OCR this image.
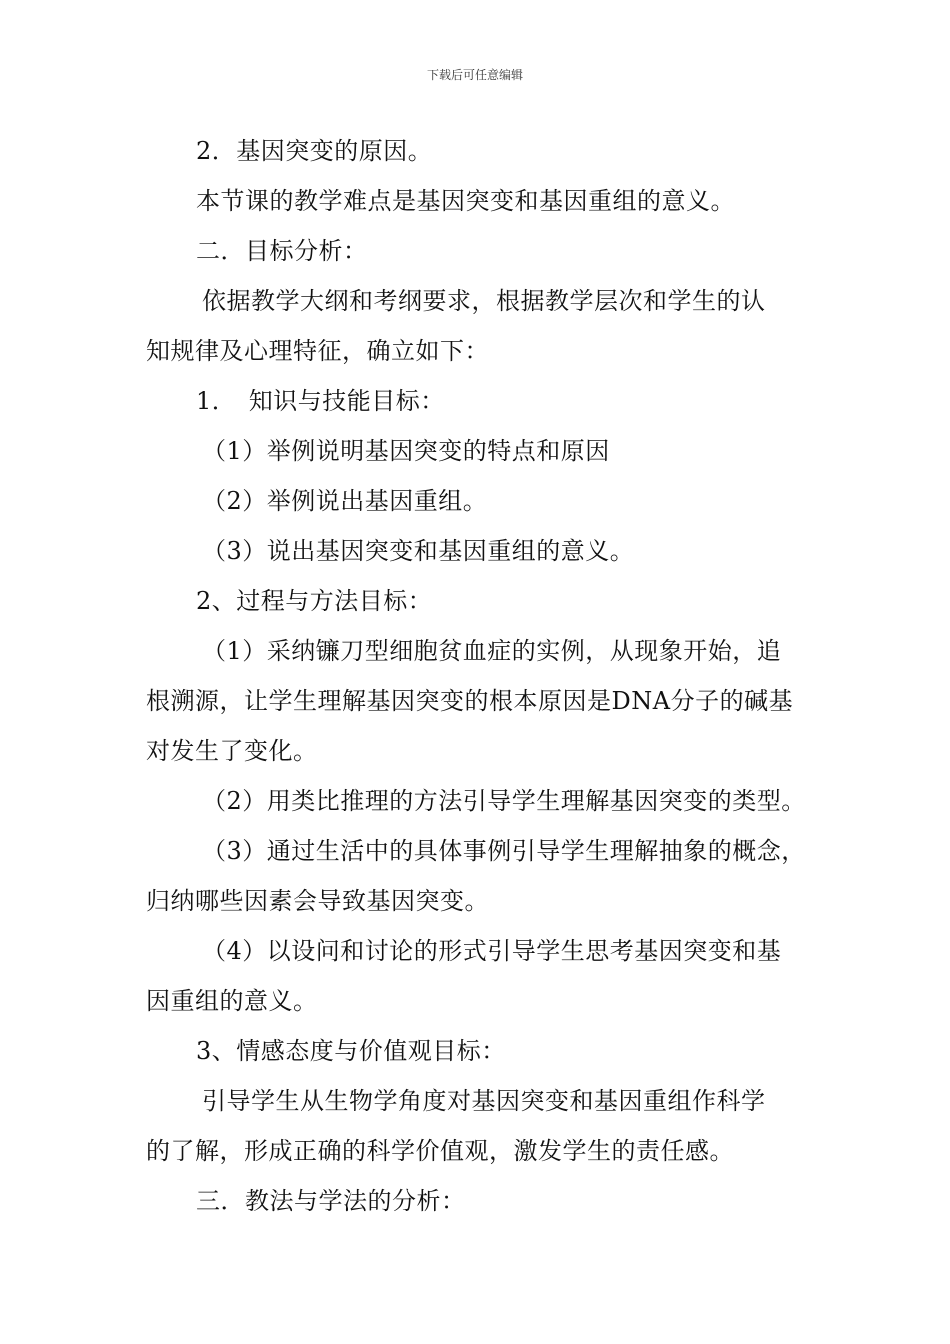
下载后可任意编辑
2．基因突变的原因。
本节课的教学难点是基因突变和基因重组的意义。
二．目标分析：
依据教学大纲和考纲要求，根据教学层次和学生的认
知规律及心理特征，确立如下：
1．　知识与技能目标：
（1）举例说明基因突变的特点和原因
（2）举例说出基因重组。
（3）说出基因突变和基因重组的意义。
2、过程与方法目标：
（1）采纳镰刀型细胞贫血症的实例，从现象开始，追
根溯源，让学生理解基因突变的根本原因是DNA分子的碱基
对发生了变化。
（2）用类比推理的方法引导学生理解基因突变的类型。
（3）通过生活中的具体事例引导学生理解抽象的概念，
归纳哪些因素会导致基因突变。
（4）以设问和讨论的形式引导学生思考基因突变和基
因重组的意义。
3、情感态度与价值观目标：
引导学生从生物学角度对基因突变和基因重组作科学
的了解，形成正确的科学价值观，激发学生的责任感。
三．教法与学法的分析：
